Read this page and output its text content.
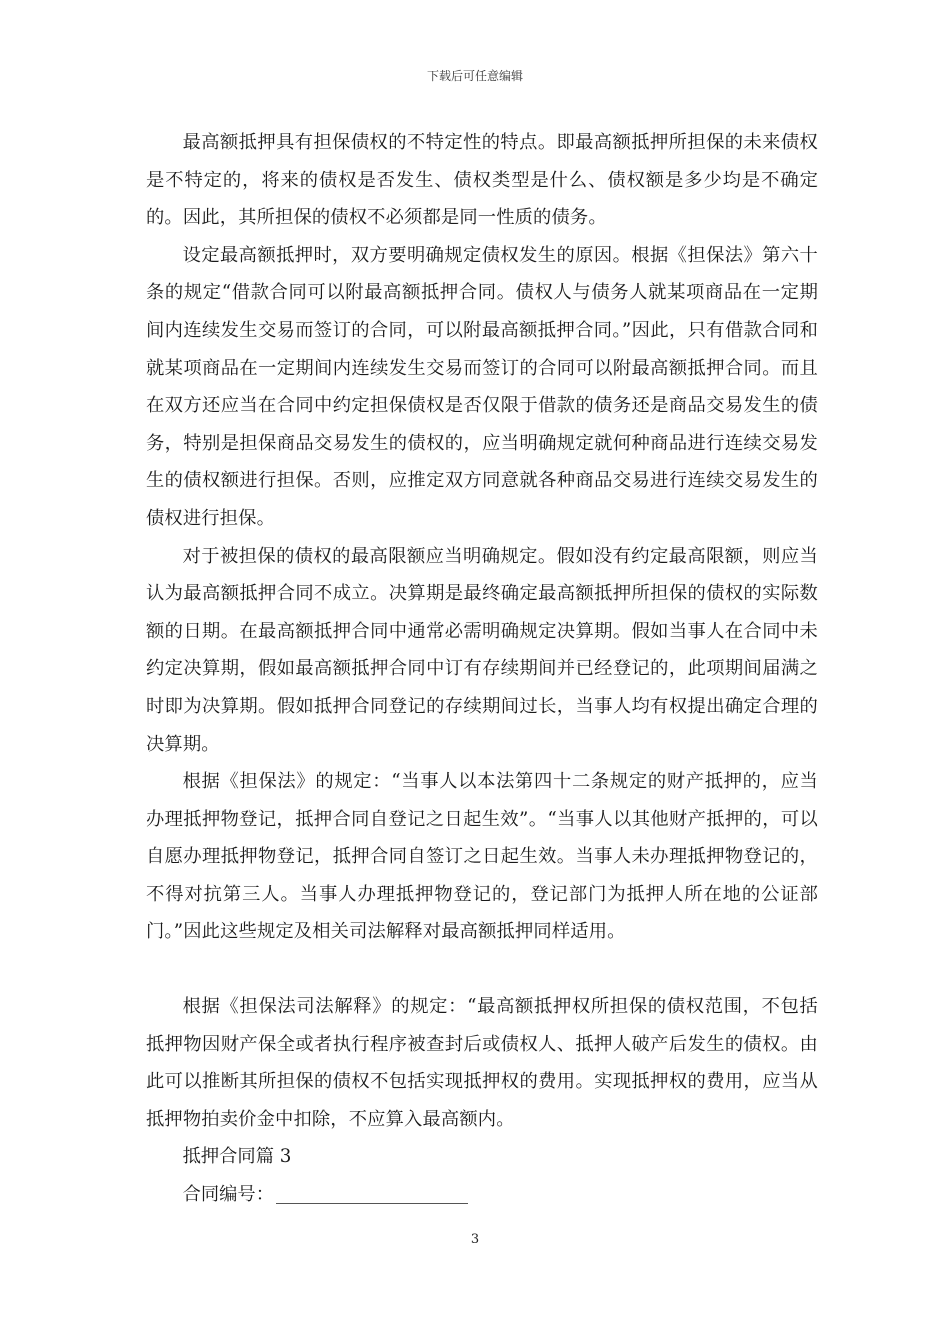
下载后可任意编辑

最高额抵押具有担保债权的不特定性的特点。即最高额抵押所担保的未来债权是不特定的，将来的债权是否发生、债权类型是什么、债权额是多少均是不确定的。因此，其所担保的债权不必须都是同一性质的债务。

设定最高额抵押时，双方要明确规定债权发生的原因。根据《担保法》第六十条的规定“借款合同可以附最高额抵押合同。债权人与债务人就某项商品在一定期间内连续发生交易而签订的合同，可以附最高额抵押合同。”因此，只有借款合同和就某项商品在一定期间内连续发生交易而签订的合同可以附最高额抵押合同。而且在双方还应当在合同中约定担保债权是否仅限于借款的债务还是商品交易发生的债务，特别是担保商品交易发生的债权的，应当明确规定就何种商品进行连续交易发生的债权额进行担保。否则，应推定双方同意就各种商品交易进行连续交易发生的债权进行担保。

对于被担保的债权的最高限额应当明确规定。假如没有约定最高限额，则应当认为最高额抵押合同不成立。决算期是最终确定最高额抵押所担保的债权的实际数额的日期。在最高额抵押合同中通常必需明确规定决算期。假如当事人在合同中未约定决算期，假如最高额抵押合同中订有存续期间并已经登记的，此项期间届满之时即为决算期。假如抵押合同登记的存续期间过长，当事人均有权提出确定合理的决算期。

根据《担保法》的规定：“当事人以本法第四十二条规定的财产抵押的，应当办理抵押物登记，抵押合同自登记之日起生效”。“当事人以其他财产抵押的，可以自愿办理抵押物登记，抵押合同自签订之日起生效。当事人未办理抵押物登记的，不得对抗第三人。当事人办理抵押物登记的，登记部门为抵押人所在地的公证部门。”因此这些规定及相关司法解释对最高额抵押同样适用。

根据《担保法司法解释》的规定：“最高额抵押权所担保的债权范围，不包括抵押物因财产保全或者执行程序被查封后或债权人、抵押人破产后发生的债权。由此可以推断其所担保的债权不包括实现抵押权的费用。实现抵押权的费用，应当从抵押物拍卖价金中扣除，不应算入最高额内。

抵押合同篇 3

合同编号：

3
